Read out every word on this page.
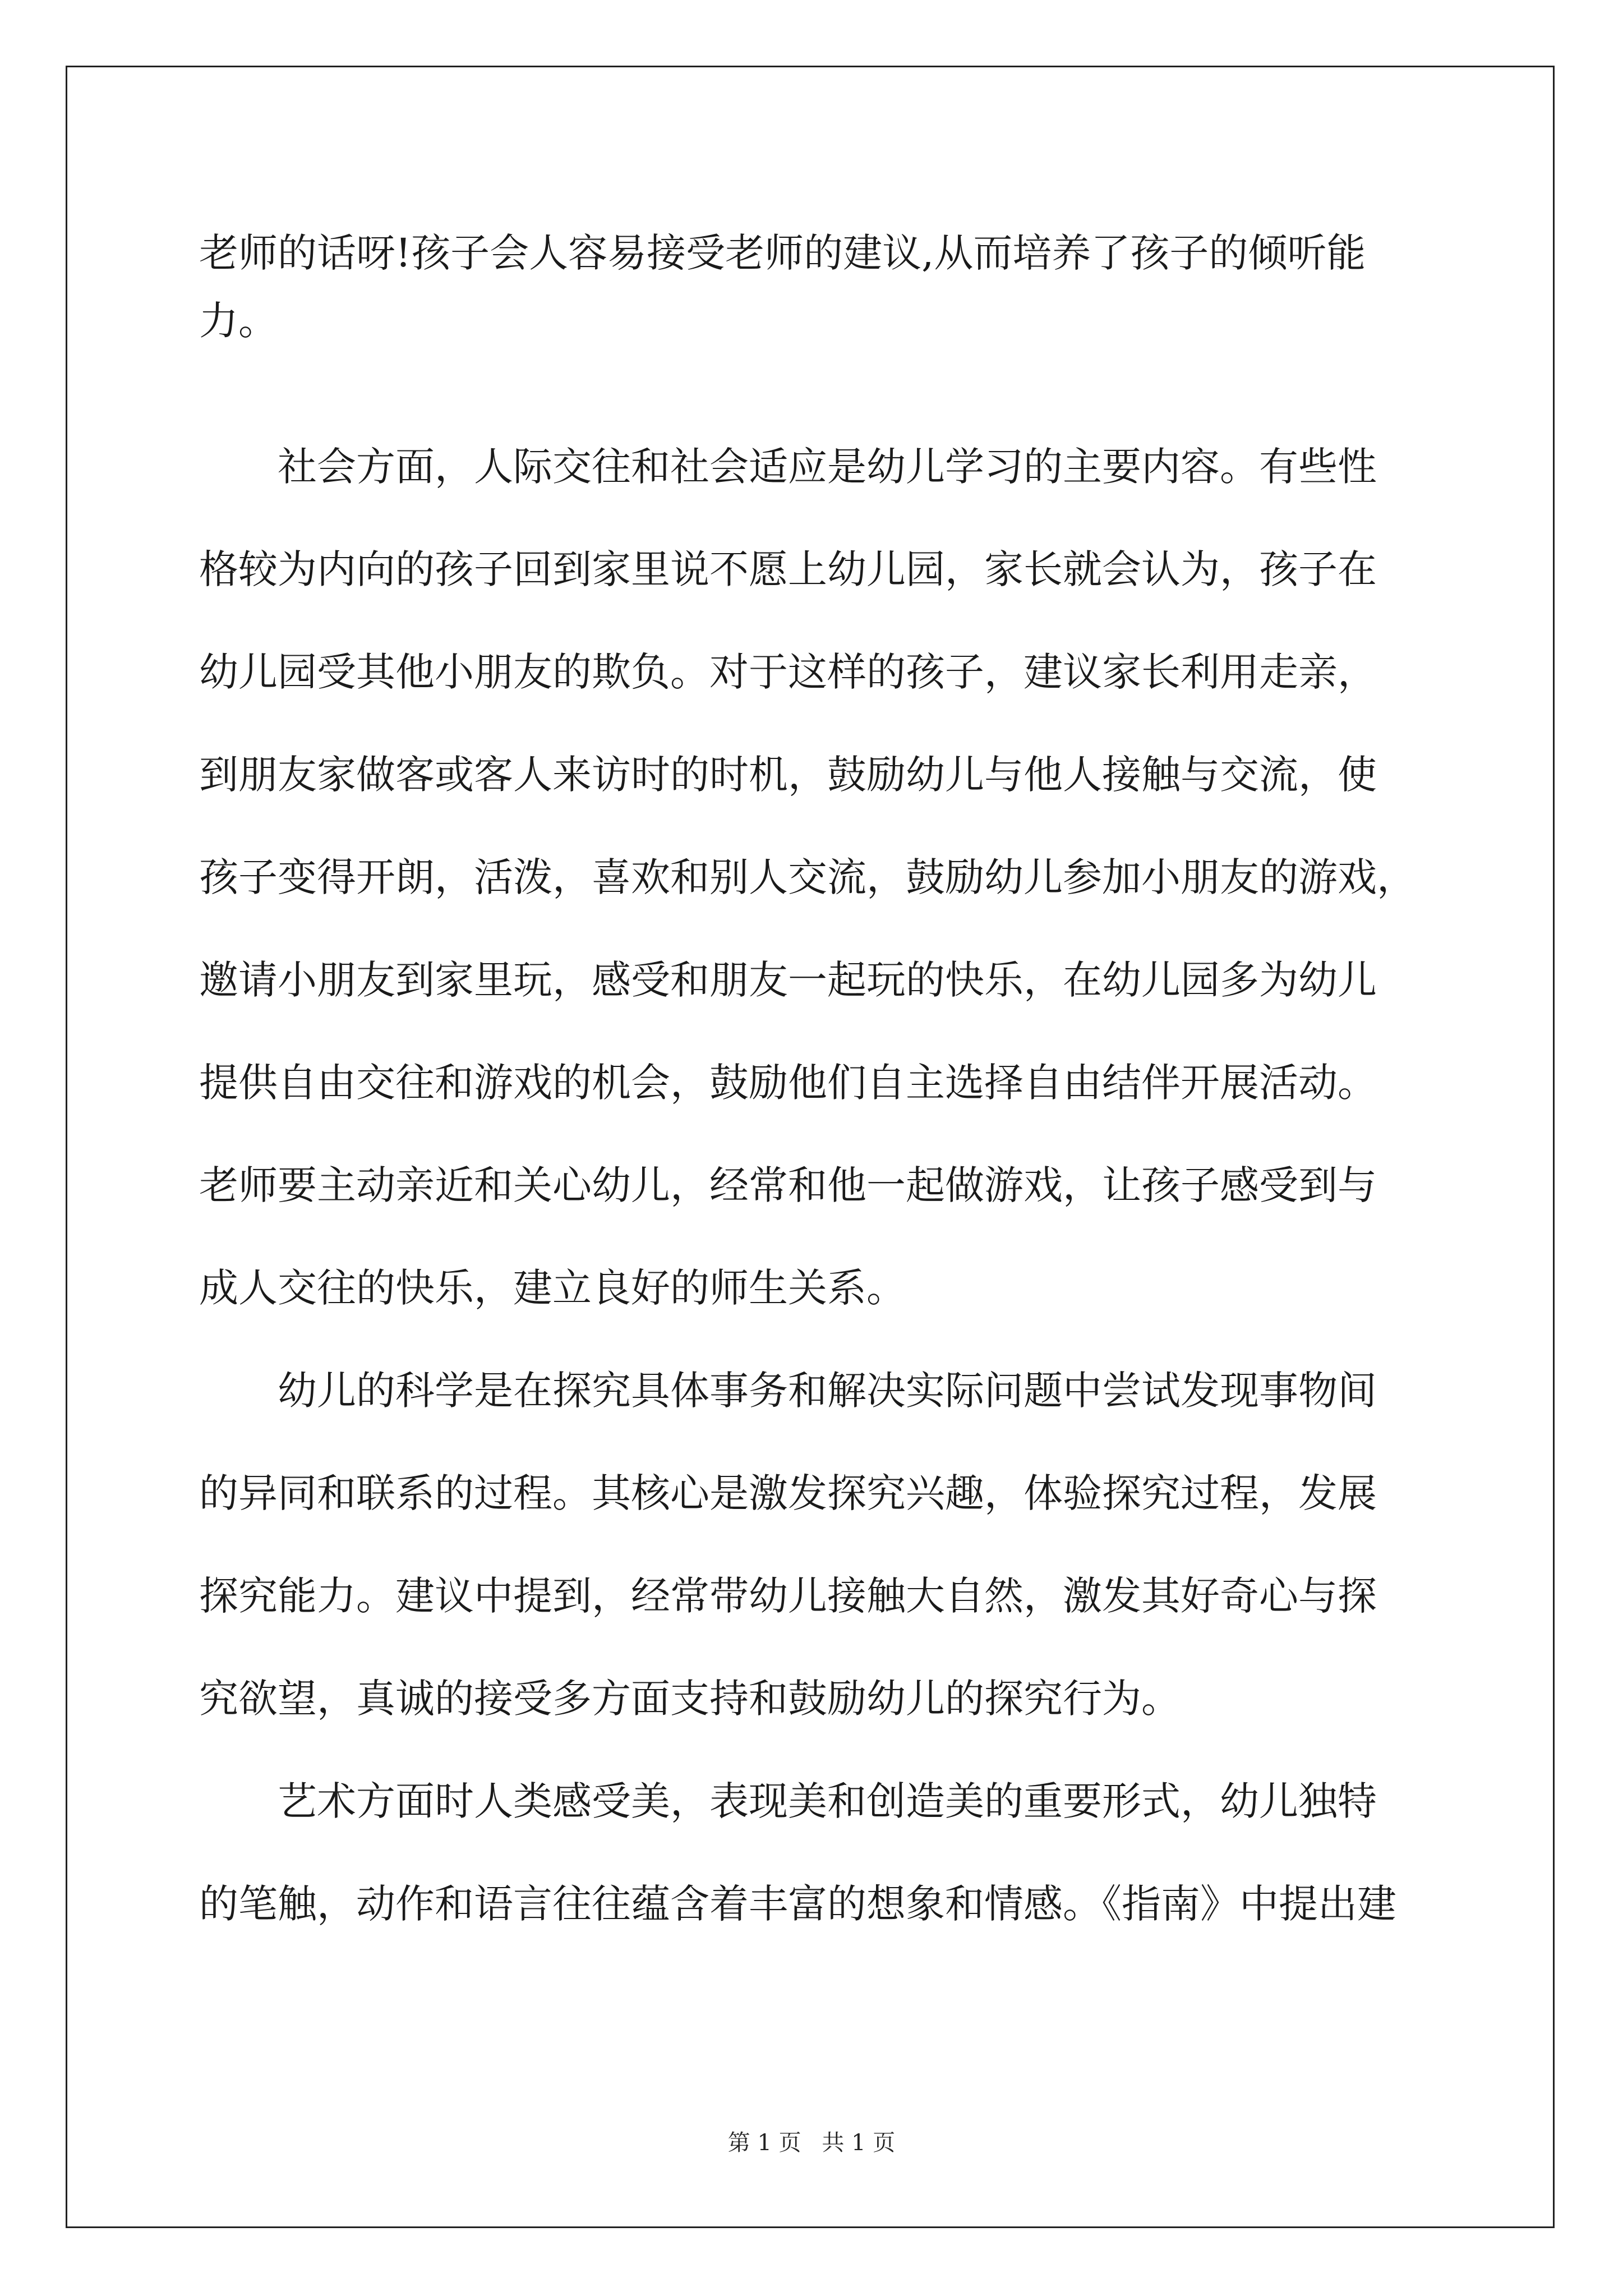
老师的话呀!孩子会人容易接受老师的建议,从而培养了孩子的倾听能
力。
社会方面，人际交往和社会适应是幼儿学习的主要内容。有些性
格较为内向的孩子回到家里说不愿上幼儿园，家长就会认为，孩子在
幼儿园受其他小朋友的欺负。对于这样的孩子，建议家长利用走亲，
到朋友家做客或客人来访时的时机，鼓励幼儿与他人接触与交流，使
孩子变得开朗，活泼，喜欢和别人交流，鼓励幼儿参加小朋友的游戏，
邀请小朋友到家里玩，感受和朋友一起玩的快乐，在幼儿园多为幼儿
提供自由交往和游戏的机会，鼓励他们自主选择自由结伴开展活动。
老师要主动亲近和关心幼儿，经常和他一起做游戏，让孩子感受到与
成人交往的快乐，建立良好的师生关系。
幼儿的科学是在探究具体事务和解决实际问题中尝试发现事物间
的异同和联系的过程。其核心是激发探究兴趣，体验探究过程，发展
探究能力。建议中提到，经常带幼儿接触大自然，激发其好奇心与探
究欲望，真诚的接受多方面支持和鼓励幼儿的探究行为。
艺术方面时人类感受美，表现美和创造美的重要形式，幼儿独特
的笔触，动作和语言往往蕴含着丰富的想象和情感。《指南》中提出建
第 1 页 共 1 页
